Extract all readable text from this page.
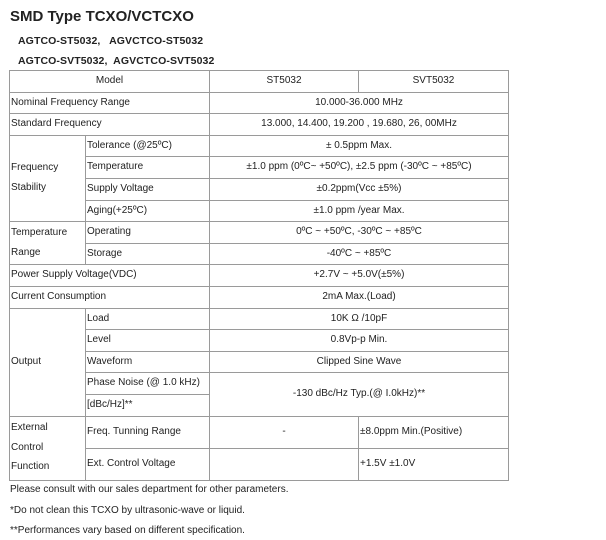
SMD Type TCXO/VCTCXO
AGTCO-ST5032,   AGVCTCO-ST5032
AGTCO-SVT5032,  AGVCTCO-SVT5032
Model		ST5032	SVT5032
Nominal Frequency Range		10.000-36.000 MHz	
Standard Frequency		13.000, 14.400, 19.200 , 19.680, 26, 00MHz	

Frequency
Stability	Tolerance (@25ºC)	± 0.5ppm Max.	
	Temperature	±1.0 ppm (0ºC~ +50ºC), ±2.5 ppm (-30ºC ~ +85ºC)	
	Supply Voltage	±0.2ppm(Vcc ±5%)	
	Aging(+25ºC)	±1.0 ppm /year Max.	

Temperature
Range	Operating	0ºC ~ +50ºC, -30ºC ~ +85ºC	
	Storage	-40ºC ~ +85ºC	
Power Supply Voltage(VDC)		+2.7V ~ +5.0V(±5%)	
Current Consumption		2mA Max.(Load)	
Output	Load	10K Ω /10pF	
	Level	0.8Vp-p Min.	
	Waveform	Clipped Sine Wave	
	Phase Noise (@ 1.0 kHz)	-130 dBc/Hz Typ.(@ I.0kHz)**	
	[dBc/Hz]**		

External
Control
Function	Freq. Tunning Range	-	±8.0ppm Min.(Positive)
	Ext. Control Voltage		+1.5V ±1.0V
Please consult with our sales department for other parameters.
*Do not clean this TCXO by ultrasonic-wave or liquid.
**Performances vary based on different specification.
